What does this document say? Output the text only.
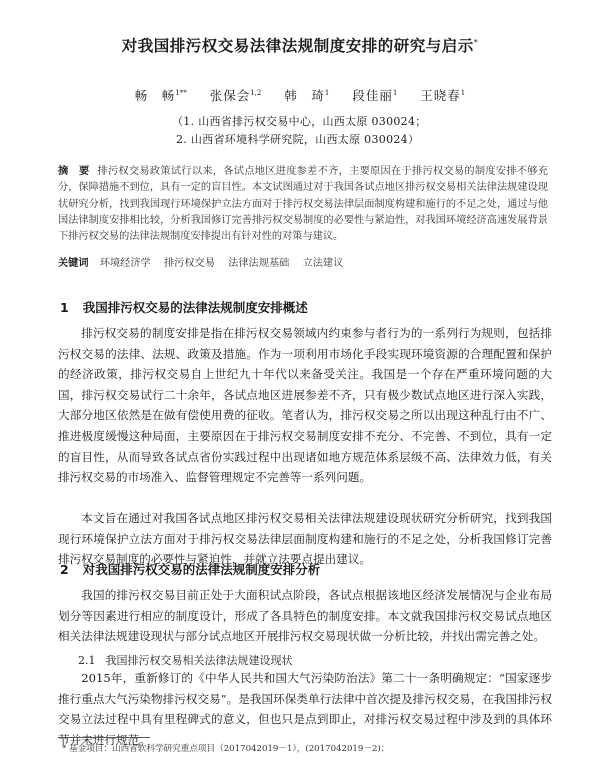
对我国排污权交易法律法规制度安排的研究与启示*
畅　畅$^{1**}$ 张保会$^{1,2}$ 韩　琦$^1$ 段佳丽$^1$ 王晓春$^1$
（1. 山西省排污权交易中心，山西太原 030024；
2. 山西省环境科学研究院，山西太原 030024）
摘　要 排污权交易政策试行以来，各试点地区进度参差不齐，主要原因在于排污权交易的制度安排不够充分，保障措施不到位，具有一定的盲目性。本文试图通过对于我国各试点地区排污权交易相关法律法规建设现状研究分析，找到我国现行环境保护立法方面对于排污权交易法律层面制度构建和施行的不足之处，通过与他国法律制度安排相比较，分析我国修订完善排污权交易制度的必要性与紧迫性，对我国环境经济高速发展背景下排污权交易的法律法规制度安排提出有针对性的对策与建议。
关键词 环境经济学 排污权交易 法律法规基础 立法建议
1 我国排污权交易的法律法规制度安排概述
排污权交易的制度安排是指在排污权交易领域内约束参与者行为的一系列行为规则，包括排污权交易的法律、法规、政策及措施。作为一项利用市场化手段实现环境资源的合理配置和保护的经济政策，排污权交易自上世纪九十年代以来备受关注。我国是一个存在严重环境问题的大国，排污权交易试行二十余年，各试点地区进展参差不齐，只有极少数试点地区进行深入实践，大部分地区依然是在做有偿使用费的征收。笔者认为，排污权交易之所以出现这种乱行由不广、推进极度缓慢这种局面，主要原因在于排污权交易制度安排不充分、不完善、不到位，具有一定的盲目性，从而导致各试点省份实践过程中出现诸如地方规范体系层级不高、法律效力低，有关排污权交易的市场准入、监督管理规定不完善等一系列问题。
本文旨在通过对我国各试点地区排污权交易相关法律法规建设现状研究分析研究，找到我国现行环境保护立法方面对于排污权交易法律层面制度构建和施行的不足之处，分析我国修订完善排污权交易制度的必要性与紧迫性，并就立法要点提出建议。
2 对我国排污权交易的法律法规制度安排分析
我国的排污权交易目前正处于大面积试点阶段，各试点根据该地区经济发展情况与企业布局划分等因素进行相应的制度设计，形成了各具特色的制度安排。本文就我国排污权交易试点地区相关法律法规建设现状与部分试点地区开展排污权交易现状做一分析比较，并找出需完善之处。
2.1 我国排污权交易相关法律法规建设现状
2015年，重新修订的《中华人民共和国大气污染防治法》第二十一条明确规定：“国家逐步推行重点大气污染物排污权交易”。是我国环保类单行法律中首次提及排污权交易，在我国排污权交易立法过程中具有里程碑式的意义，但也只是点到即止，对排污权交易过程中涉及到的具体环节并未进行规范。
* 基金项目：山西省软科学研究重点项目（2017042019－1），(2017042019－2)；
